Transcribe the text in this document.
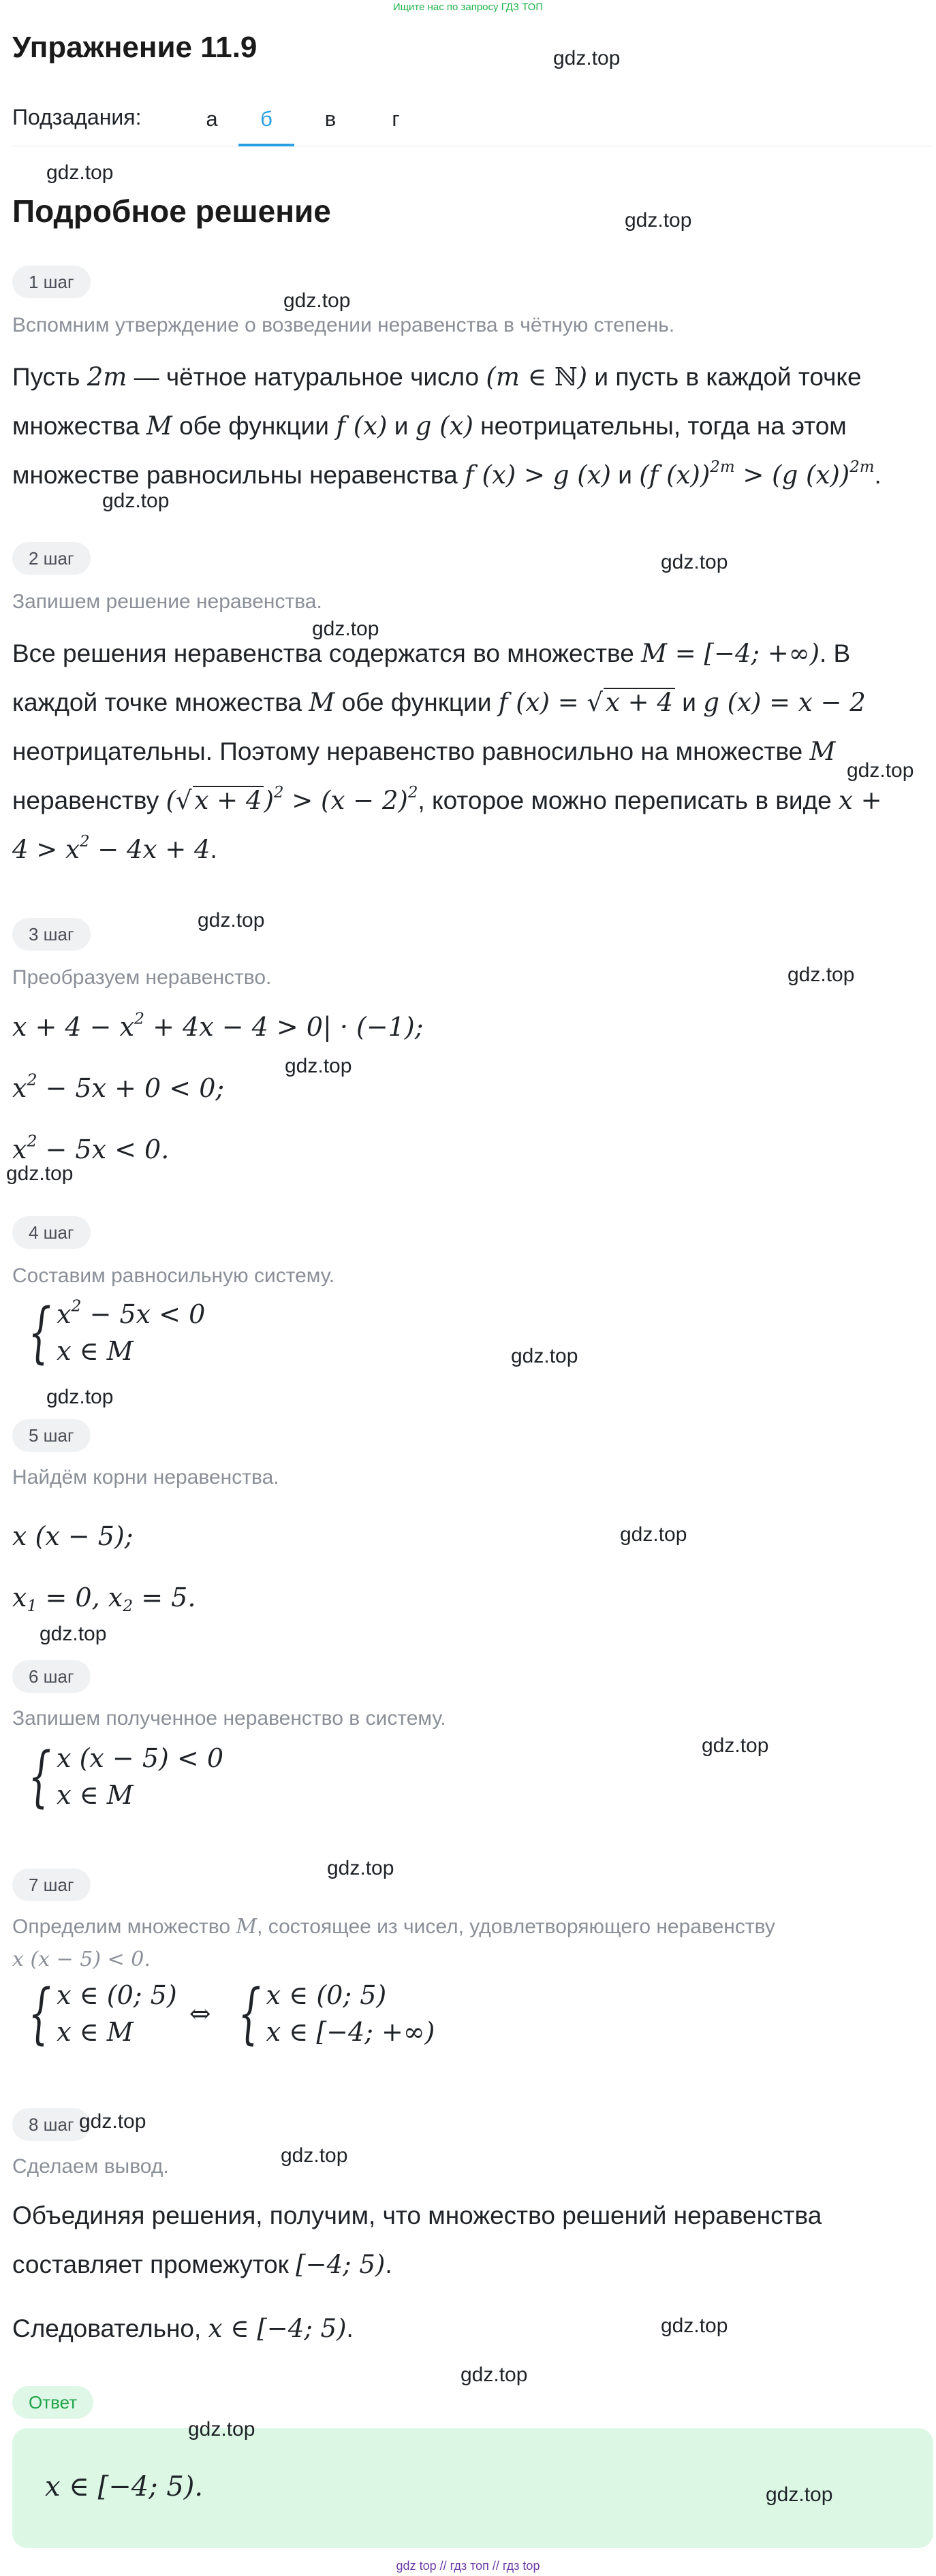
Ищите нас по запросу ГДЗ ТОП
Упражнение 11.9	gdz.top
Подзадания:	а	б	в	г
gdz.top
Подробное решение	gdz.top
1 шаг
gdz.top
Вспомним утверждение о возведении неравенства в чётную степень.
Пусть 2m — чётное натуральное число (m ∈ ℕ) и пусть в каждой точке
множества M обе функции f (x) и g (x) неотрицательны, тогда на этом
множестве равносильны неравенства f (x) > g (x) и (f (x))$^{2m}$ > (g (x))$^{2m}$.
gdz.top
2 шаг	gdz.top
Запишем решение неравенства.
gdz.top
Все решения неравенства содержатся во множестве M = [−4; +∞). В
каждой точке множества M обе функции f (x) = √ x + 4 и g (x) = x − 2
неотрицательны. Поэтому неравенство равносильно на множестве M
неравенству (√ $x + 4)^2 > (x - 2)^2$, которое можно переписать в виде x +
$4 > x^2 - 4x + 4$.
gdz.top
gdz.top
3 шаг
gdz.top
Преобразуем неравенство.
$x + 4 - x^2 + 4x - 4 > 0| \cdot (-1)$;
gdz.top
$x^2 - 5x + 0 < 0$;
$x^2 - 5x < 0$.
gdz.top
4 шаг
Составим равносильную систему.
{ $x^2 - 5x < 0$
x ∈ M	gdz.top
gdz.top
5 шаг
Найдём корни неравенства.
x (x − 5);	gdz.top
$x_1 = 0$, $x_2 = 5$.
gdz.top
6 шаг
Запишем полученное неравенство в систему.
gdz.top
{ x (x − 5) < 0
x ∈ M
gdz.top
7 шаг
Определим множество M, состоящее из чисел, удовлетворяющего неравенству
x (x − 5) < 0.
{ x ∈ (0; 5)
x ∈ M
⇔ { x ∈ (0; 5)
x ∈ [−4; +∞)
8 шаг gdz.top
gdz.top
Сделаем вывод.
Объединяя решения, получим, что множество решений неравенства
составляет промежуток [−4; 5).
Следовательно, x ∈ [−4; 5).	gdz.top
gdz.top
Ответ
x ∈ [−4; 5).
gdz.top
gdz.top
gdz top // гдз топ // гдз top
